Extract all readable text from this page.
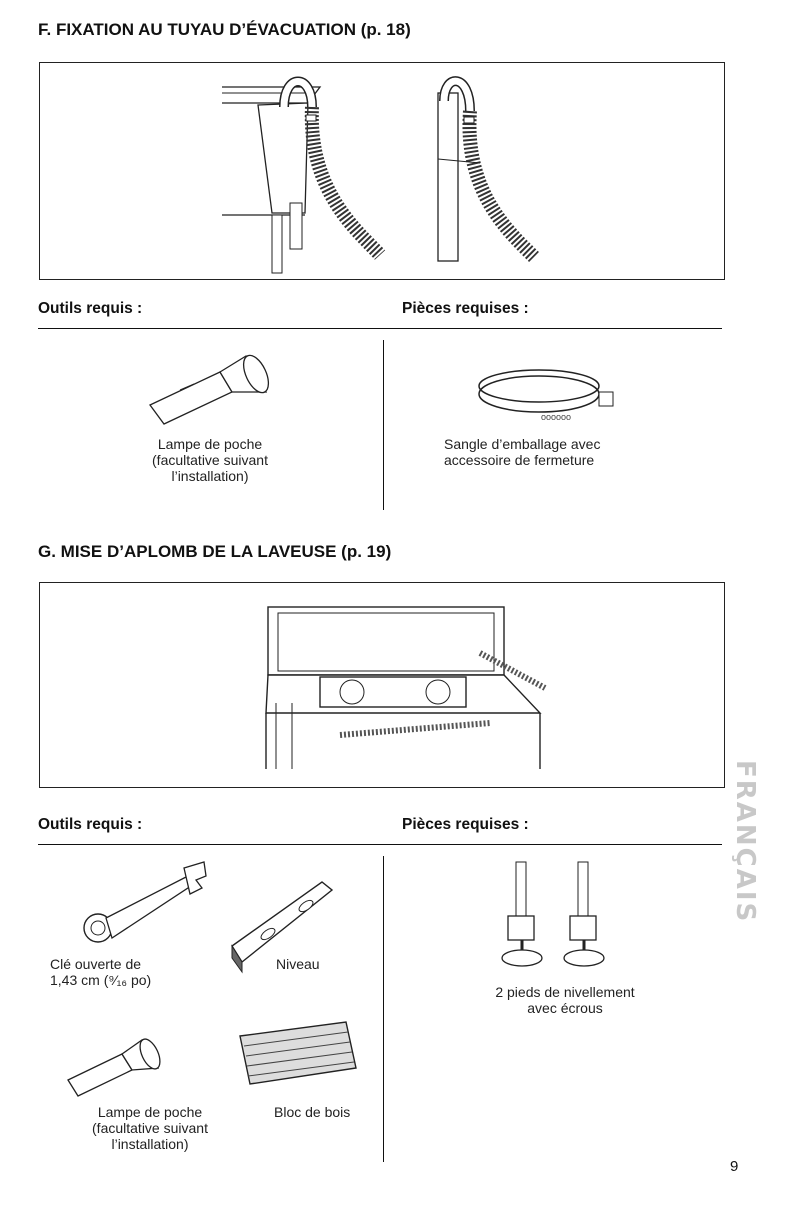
F. FIXATION AU TUYAU D’ÉVACUATION (p. 18)
Outils requis :	Pièces requises :
Lampe de poche
(facultative suivant
l’installation)
oooooo
Sangle d’emballage avec
accessoire de fermeture
G. MISE D’APLOMB DE LA LAVEUSE (p. 19)
Outils requis :	Pièces requises :
Clé ouverte de
1,43 cm (⁹⁄₁₆ po)
Niveau
Lampe de poche
(facultative suivant
l’installation)
Bloc de bois
2 pieds de nivellement
avec écrous
FRANÇAIS
9
